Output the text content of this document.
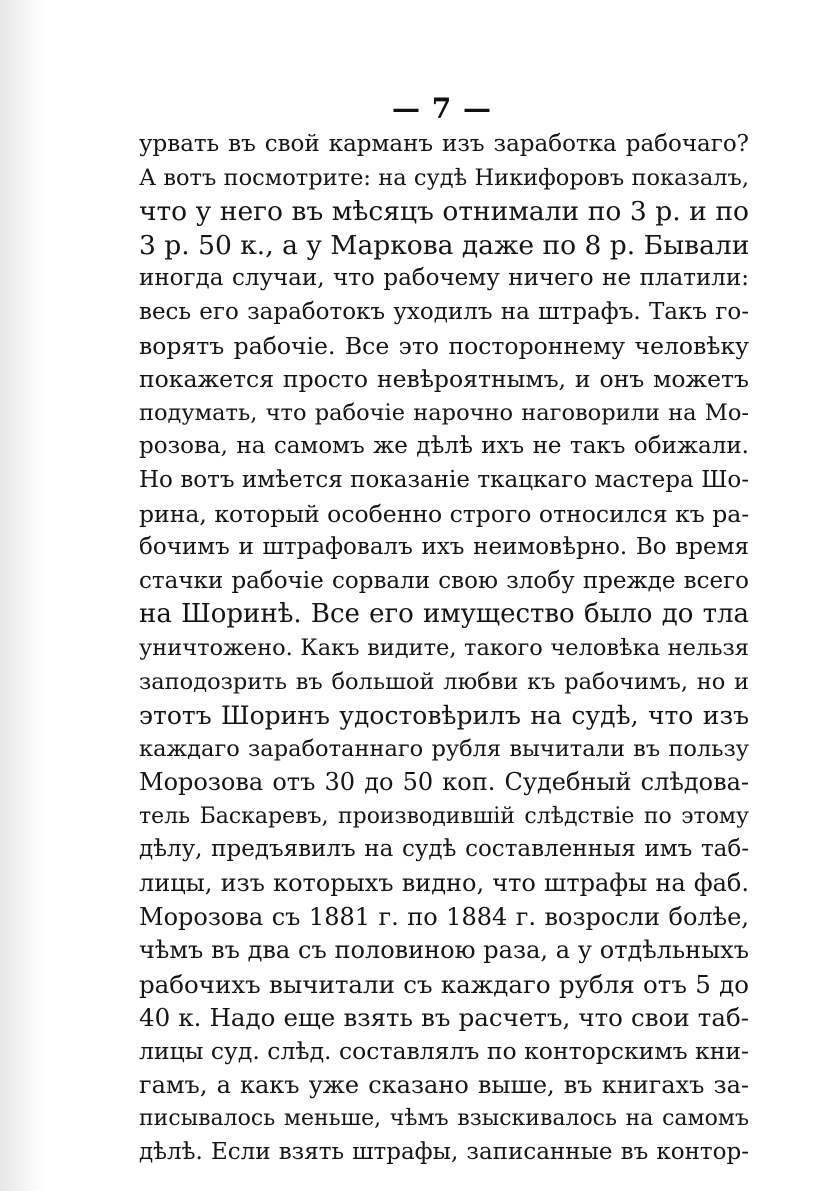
— 7 —
урвать въ свой карманъ изъ заработка рабочаго?
А вотъ посмотрите: на судѣ Никифоровъ показалъ,
что у него въ мѣсяцъ отнимали по 3 р. и по
3 р. 50 к., а у Маркова даже по 8 р. Бывали
иногда случаи, что рабочему ничего не платили:
весь его заработокъ уходилъ на штрафъ. Такъ го-
ворятъ рабочіе. Все это постороннему человѣку
покажется просто невѣроятнымъ, и онъ можетъ
подумать, что рабочіе нарочно наговорили на Мо-
розова, на самомъ же дѣлѣ ихъ не такъ обижали.
Но вотъ имѣется показаніе ткацкаго мастера Шо-
рина, который особенно строго относился къ ра-
бочимъ и штрафовалъ ихъ неимовѣрно. Во время
стачки рабочіе сорвали свою злобу прежде всего
на Шоринѣ. Все его имущество было до тла
уничтожено. Какъ видите, такого человѣка нельзя
заподозрить въ большой любви къ рабочимъ, но и
этотъ Шоринъ удостовѣрилъ на судѣ, что изъ
каждаго заработаннаго рубля вычитали въ пользу
Морозова отъ 30 до 50 коп. Судебный слѣдова-
тель Баскаревъ, производившій слѣдствіе по этому
дѣлу, предъявилъ на судѣ составленныя имъ таб-
лицы, изъ которыхъ видно, что штрафы на фаб.
Морозова съ 1881 г. по 1884 г. возросли болѣе,
чѣмъ въ два съ половиною раза, а у отдѣльныхъ
рабочихъ вычитали съ каждаго рубля отъ 5 до
40 к. Надо еще взять въ расчетъ, что свои таб-
лицы суд. слѣд. составлялъ по конторскимъ кни-
гамъ, а какъ уже сказано выше, въ книгахъ за-
писывалось меньше, чѣмъ взыскивалось на самомъ
дѣлѣ. Если взять штрафы, записанные въ контор-
